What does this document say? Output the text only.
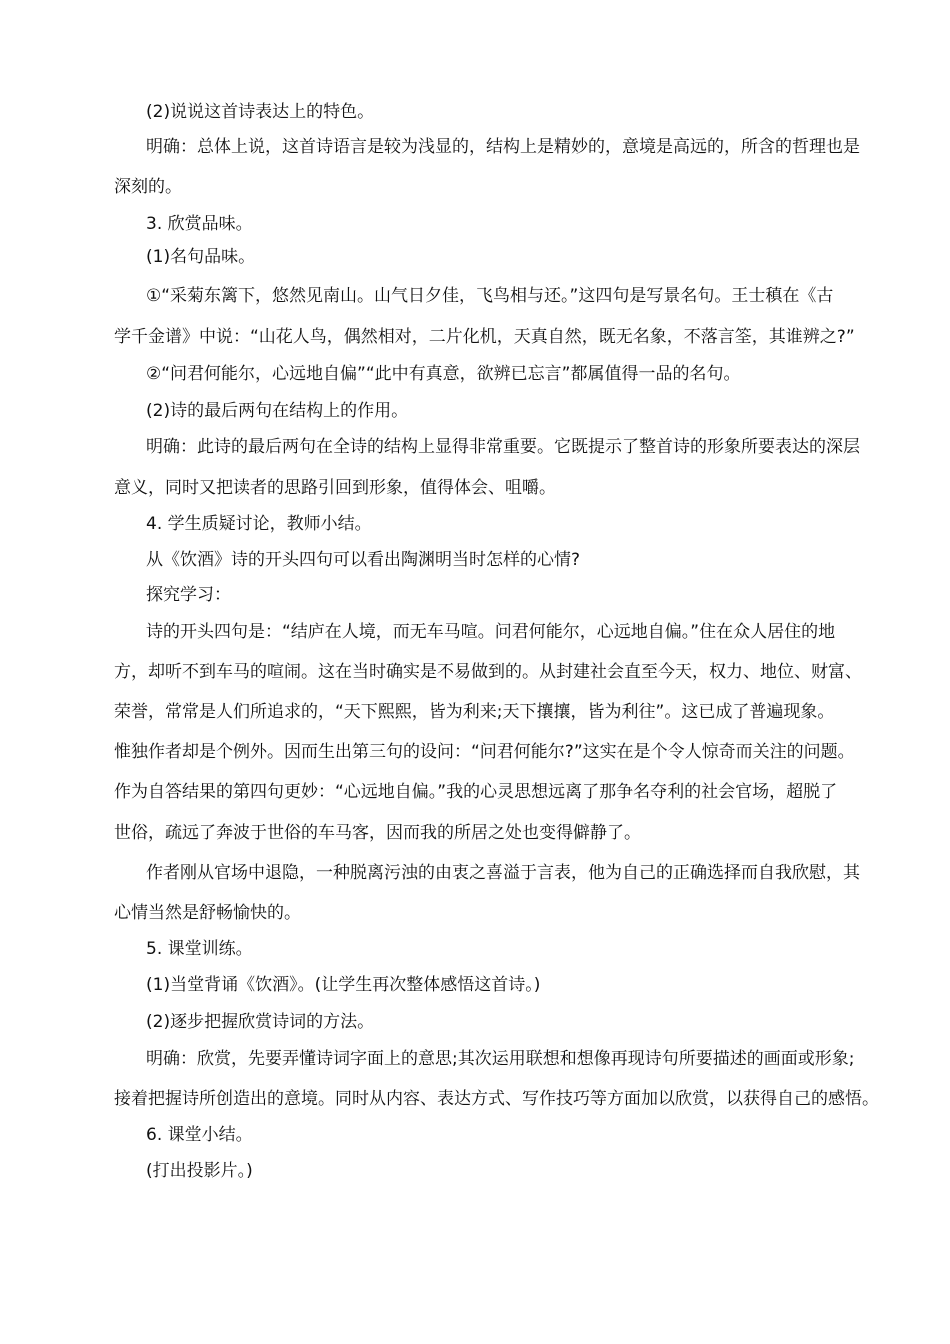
(2)说说这首诗表达上的特色。

明确：总体上说，这首诗语言是较为浅显的，结构上是精妙的，意境是高远的，所含的哲理也是

深刻的。

3. 欣赏品味。

(1)名句品味。

①“采菊东篱下，悠然见南山。山气日夕佳，飞鸟相与还。”这四句是写景名句。王士稹在《古

学千金谱》中说：“山花人鸟，偶然相对，二片化机，天真自然，既无名象，不落言筌，其谁辨之?”

②“问君何能尔，心远地自偏”“此中有真意，欲辨已忘言”都属值得一品的名句。

(2)诗的最后两句在结构上的作用。

明确：此诗的最后两句在全诗的结构上显得非常重要。它既提示了整首诗的形象所要表达的深层

意义，同时又把读者的思路引回到形象，值得体会、咀嚼。

4. 学生质疑讨论，教师小结。

从《饮酒》诗的开头四句可以看出陶渊明当时怎样的心情?

探究学习：

诗的开头四句是：“结庐在人境，而无车马喧。问君何能尔，心远地自偏。”住在众人居住的地

方，却听不到车马的喧闹。这在当时确实是不易做到的。从封建社会直至今天，权力、地位、财富、

荣誉，常常是人们所追求的，“天下熙熙，皆为利来;天下攘攘，皆为利往”。这已成了普遍现象。

惟独作者却是个例外。因而生出第三句的设问：“问君何能尔?”这实在是个令人惊奇而关注的问题。

作为自答结果的第四句更妙：“心远地自偏。”我的心灵思想远离了那争名夺利的社会官场，超脱了

世俗，疏远了奔波于世俗的车马客，因而我的所居之处也变得僻静了。

作者刚从官场中退隐，一种脱离污浊的由衷之喜溢于言表，他为自己的正确选择而自我欣慰，其

心情当然是舒畅愉快的。

5. 课堂训练。

(1)当堂背诵《饮酒》。(让学生再次整体感悟这首诗。)

(2)逐步把握欣赏诗词的方法。

明确：欣赏，先要弄懂诗词字面上的意思;其次运用联想和想像再现诗句所要描述的画面或形象;

接着把握诗所创造出的意境。同时从内容、表达方式、写作技巧等方面加以欣赏，以获得自己的感悟。

6. 课堂小结。

(打出投影片。)
